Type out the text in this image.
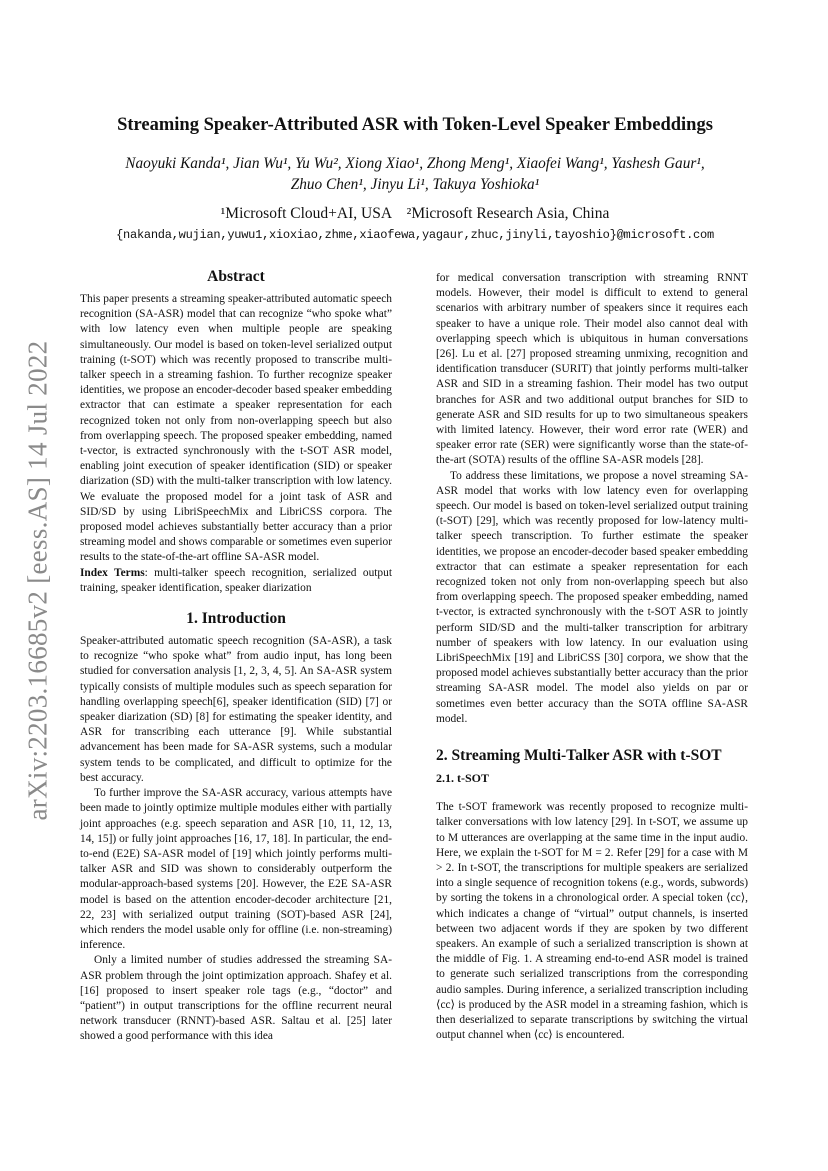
arXiv:2203.16685v2 [eess.AS] 14 Jul 2022
Streaming Speaker-Attributed ASR with Token-Level Speaker Embeddings
Naoyuki Kanda¹, Jian Wu¹, Yu Wu², Xiong Xiao¹, Zhong Meng¹, Xiaofei Wang¹, Yashesh Gaur¹,
Zhuo Chen¹, Jinyu Li¹, Takuya Yoshioka¹
¹Microsoft Cloud+AI, USA    ²Microsoft Research Asia, China
{nakanda,wujian,yuwu1,xioxiao,zhme,xiaofewa,yagaur,zhuc,jinyli,tayoshio}@microsoft.com
Abstract

This paper presents a streaming speaker-attributed automatic speech recognition (SA-ASR) model that can recognize “who spoke what” with low latency even when multiple people are speaking simultaneously. Our model is based on token-level serialized output training (t-SOT) which was recently proposed to transcribe multi-talker speech in a streaming fashion. To further recognize speaker identities, we propose an encoder-decoder based speaker embedding extractor that can estimate a speaker representation for each recognized token not only from non-overlapping speech but also from overlapping speech. The proposed speaker embedding, named t-vector, is extracted synchronously with the t-SOT ASR model, enabling joint execution of speaker identification (SID) or speaker diarization (SD) with the multi-talker transcription with low latency. We evaluate the proposed model for a joint task of ASR and SID/SD by using LibriSpeechMix and LibriCSS corpora. The proposed model achieves substantially better accuracy than a prior streaming model and shows comparable or sometimes even superior results to the state-of-the-art offline SA-ASR model.

Index Terms: multi-talker speech recognition, serialized output training, speaker identification, speaker diarization

1. Introduction

Speaker-attributed automatic speech recognition (SA-ASR), a task to recognize “who spoke what” from audio input, has long been studied for conversation analysis [1, 2, 3, 4, 5]. An SA-ASR system typically consists of multiple modules such as speech separation for handling overlapping speech[6], speaker identification (SID) [7] or speaker diarization (SD) [8] for estimating the speaker identity, and ASR for transcribing each utterance [9]. While substantial advancement has been made for SA-ASR systems, such a modular system tends to be complicated, and difficult to optimize for the best accuracy.

To further improve the SA-ASR accuracy, various attempts have been made to jointly optimize multiple modules either with partially joint approaches (e.g. speech separation and ASR [10, 11, 12, 13, 14, 15]) or fully joint approaches [16, 17, 18]. In particular, the end-to-end (E2E) SA-ASR model of [19] which jointly performs multi-talker ASR and SID was shown to considerably outperform the modular-approach-based systems [20]. However, the E2E SA-ASR model is based on the attention encoder-decoder architecture [21, 22, 23] with serialized output training (SOT)-based ASR [24], which renders the model usable only for offline (i.e. non-streaming) inference.

Only a limited number of studies addressed the streaming SA-ASR problem through the joint optimization approach. Shafey et al. [16] proposed to insert speaker role tags (e.g., “doctor” and “patient”) in output transcriptions for the offline recurrent neural network transducer (RNNT)-based ASR. Saltau et al. [25] later showed a good performance with this idea

for medical conversation transcription with streaming RNNT models. However, their model is difficult to extend to general scenarios with arbitrary number of speakers since it requires each speaker to have a unique role. Their model also cannot deal with overlapping speech which is ubiquitous in human conversations [26]. Lu et al. [27] proposed streaming unmixing, recognition and identification transducer (SURIT) that jointly performs multi-talker ASR and SID in a streaming fashion. Their model has two output branches for ASR and two additional output branches for SID to generate ASR and SID results for up to two simultaneous speakers with limited latency. However, their word error rate (WER) and speaker error rate (SER) were significantly worse than the state-of-the-art (SOTA) results of the offline SA-ASR models [28].

To address these limitations, we propose a novel streaming SA-ASR model that works with low latency even for overlapping speech. Our model is based on token-level serialized output training (t-SOT) [29], which was recently proposed for low-latency multi-talker speech transcription. To further estimate the speaker identities, we propose an encoder-decoder based speaker embedding extractor that can estimate a speaker representation for each recognized token not only from non-overlapping speech but also from overlapping speech. The proposed speaker embedding, named t-vector, is extracted synchronously with the t-SOT ASR to jointly perform SID/SD and the multi-talker transcription for arbitrary number of speakers with low latency. In our evaluation using LibriSpeechMix [19] and LibriCSS [30] corpora, we show that the proposed model achieves substantially better accuracy than the prior streaming SA-ASR model. The model also yields on par or sometimes even better accuracy than the SOTA offline SA-ASR model.

2. Streaming Multi-Talker ASR with t-SOT
2.1. t-SOT

The t-SOT framework was recently proposed to recognize multi-talker conversations with low latency [29]. In t-SOT, we assume up to M utterances are overlapping at the same time in the input audio. Here, we explain the t-SOT for M = 2. Refer [29] for a case with M > 2. In t-SOT, the transcriptions for multiple speakers are serialized into a single sequence of recognition tokens (e.g., words, subwords) by sorting the tokens in a chronological order. A special token ⟨cc⟩, which indicates a change of “virtual” output channels, is inserted between two adjacent words if they are spoken by two different speakers. An example of such a serialized transcription is shown at the middle of Fig. 1. A streaming end-to-end ASR model is trained to generate such serialized transcriptions from the corresponding audio samples. During inference, a serialized transcription including ⟨cc⟩ is produced by the ASR model in a streaming fashion, which is then deserialized to separate transcriptions by switching the virtual output channel when ⟨cc⟩ is encountered.
